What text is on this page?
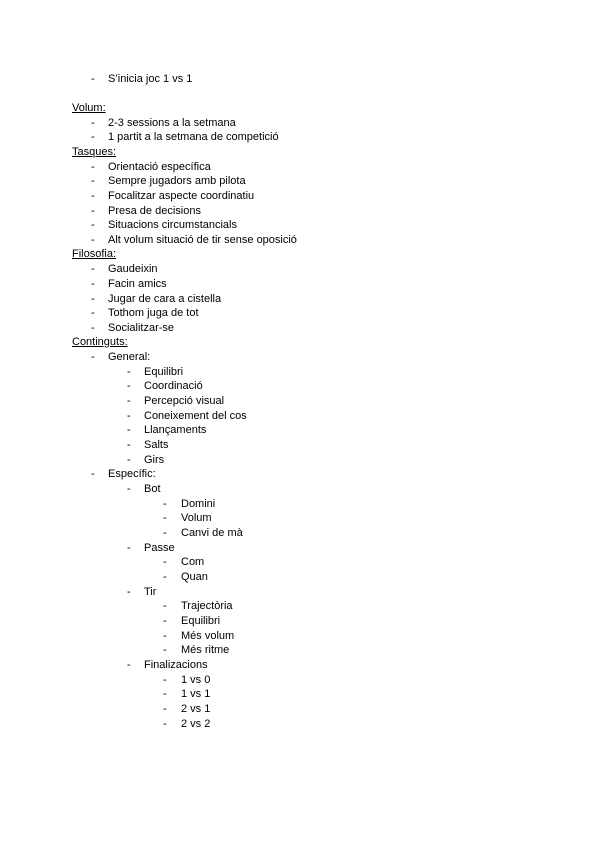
- S’inicia joc 1 vs 1
Volum:
- 2-3 sessions a la setmana
- 1 partit a la setmana de competició
Tasques:
- Orientació específica
- Sempre jugadors amb pilota
- Focalitzar aspecte coordinatiu
- Presa de decisions
- Situacions circumstancials
- Alt volum situació de tir sense oposició
Filosofia:
- Gaudeixin
- Facin amics
- Jugar de cara a cistella
- Tothom juga de tot
- Socialitzar-se
Continguts:
- General:
- Equilibri
- Coordinació
- Percepció visual
- Coneixement del cos
- Llançaments
- Salts
- Girs
- Específic:
- Bot
- Domini
- Volum
- Canvi de mà
- Passe
- Com
- Quan
- Tir
- Trajectòria
- Equilibri
- Més volum
- Més ritme
- Finalizacions
- 1 vs 0
- 1 vs 1
- 2 vs 1
- 2 vs 2
